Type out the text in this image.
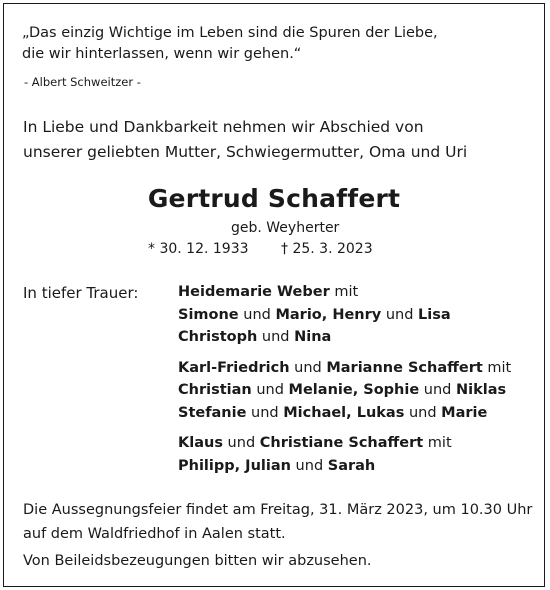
„Das einzig Wichtige im Leben sind die Spuren der Liebe,
die wir hinterlassen, wenn wir gehen.“
- Albert Schweitzer -
In Liebe und Dankbarkeit nehmen wir Abschied von
unserer geliebten Mutter, Schwiegermutter, Oma und Uri
Gertrud Schaffert
geb. Weyherter
* 30. 12. 1933 † 25. 3. 2023
In tiefer Trauer:	Heidemarie Weber mit
Simone und Mario, Henry und Lisa
Christoph und Nina
Karl-Friedrich und Marianne Schaffert mit
Christian und Melanie, Sophie und Niklas
Stefanie und Michael, Lukas und Marie
Klaus und Christiane Schaffert mit
Philipp, Julian und Sarah
Die Aussegnungsfeier findet am Freitag, 31. März 2023, um 10.30 Uhr
auf dem Waldfriedhof in Aalen statt.
Von Beileidsbezeugungen bitten wir abzusehen.
